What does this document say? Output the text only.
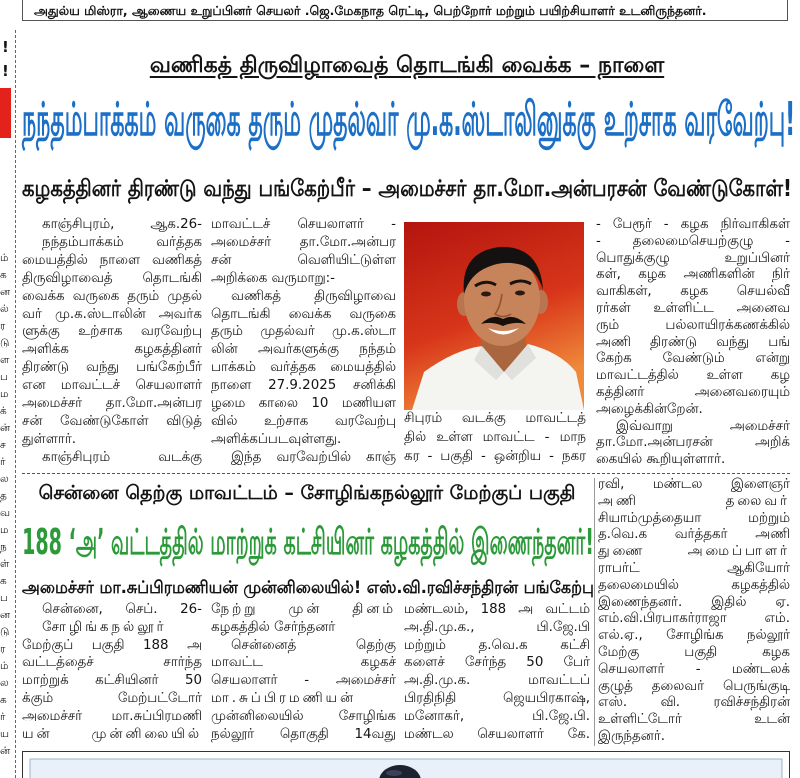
அதுல்ய மிஸ்ரா, ஆணைய உறுப்பினர் செயலர் .ஜெ.மேகநாத ரெட்டி, பெற்றோர் மற்றும் பயிற்சியாளர் உடனிருந்தனர்.
!
!
ம்
க
ன
ல்
ர
டு
ள
ப
ம
க்
ன்
ச
ர்
ல
த
வ
ம
ந
ள்
க
ப
ன
டு
ர
ம்
ல
க
ர்
ய
ன்
வணிகத் திருவிழாவைத் தொடங்கி வைக்க – நாளை
நந்தம்பாக்கம் வருகை தரும் முதல்வர் மு.க.ஸ்டாலினுக்கு உற்சாக வரவேற்பு!
கழகத்தினர் திரண்டு வந்து பங்கேற்பீர் – அமைச்சர் தா.மோ.அன்பரசன் வேண்டுகோள்!
காஞ்சிபுரம், ஆக.26-
நந்தம்பாக்கம் வர்த்தக
மையத்தில் நாளை வணிகத்
திருவிழாவைத் தொடங்கி
வைக்க வருகை தரும் முதல்
வர் மு.க.ஸ்டாலின் அவர்க
ளுக்கு உற்சாக வரவேற்பு
அளிக்க கழகத்தினர்
திரண்டு வந்து பங்கேற்பீர்
என மாவட்டச் செயலாளர்
அமைச்சர் தா.மோ.அன்பர
சன் வேண்டுகோள் விடுத்
துள்ளார்.
காஞ்சிபுரம் வடக்கு
மாவட்டச் செயலாளர் -
அமைச்சர் தா.மோ.அன்பர
சன் வெளியிட்டுள்ள
அறிக்கை வருமாறு:-
வணிகத் திருவிழாவை
தொடங்கி வைக்க வருகை
தரும் முதல்வர் மு.க.ஸ்டா
லின் அவர்களுக்கு நந்தம்
பாக்கம் வர்த்தக மையத்தில்
நாளை 27.9.2025 சனிக்கி
ழமை காலை 10 மணியள
வில் உற்சாக வரவேற்பு
அளிக்கப்படவுள்ளது.
இந்த வரவேற்பில் காஞ்
சிபுரம் வடக்கு மாவட்டத்
தில் உள்ள மாவட்ட - மாந
கர - பகுதி - ஒன்றிய - நகர
- பேரூர் - கழக நிர்வாகிகள்
- தலைமைசெயற்குழு -
பொதுக்குழு உறுப்பினர்
கள், கழக அணிகளின் நிர்
வாகிகள், கழக செயல்வீ
ரர்கள் உள்ளிட்ட அனைவ
ரும் பல்லாயிரக்கணக்கில்
அணி திரண்டு வந்து பங்
கேற்க வேண்டும் என்று
மாவட்டத்தில் உள்ள கழ
கத்தினர் அனைவரையும்
அழைக்கின்றேன்.
இவ்வாறு அமைச்சர்
தா.மோ.அன்பரசன் அறிக்
கையில் கூறியுள்ளார்.
சென்னை தெற்கு மாவட்டம் – சோழிங்கநல்லூர் மேற்குப் பகுதி
188 ‘அ’ வட்டத்தில் மாற்றுக் கட்சியினர் கழகத்தில் இணைந்தனர்!
அமைச்சர் மா.சுப்பிரமணியன் முன்னிலையில்! எஸ்.வி.ரவிச்சந்திரன் பங்கேற்பு
சென்னை, செப். 26-
சோழிங்கநல்லூர்
மேற்குப் பகுதி 188 அ
வட்டத்தைச் சார்ந்த
மாற்றுக் கட்சியினர் 50
க்கும் மேற்பட்டோர்
அமைச்சர் மா.சுப்பிரமணி
யன் முன்னிலையில்
நேற்று முன் தினம்
கழகத்தில் சேர்ந்தனர்
சென்னைத் தெற்கு
மாவட்ட கழகச்
செயலாளர் - அமைச்சர்
மா.சுப்பிரமணியன்
முன்னிலையில் சோழிங்க
நல்லூர் தொகுதி 14வது
மண்டலம், 188 அ வட்டம்
அ.தி.மு.க., பி.ஜே.பி
மற்றும் த.வெ.க கட்சி
களைச் சேர்ந்த 50 பேர்
அ.தி.மு.க. மாவட்டப்
பிரதிநிதி ஜெயபிரகாஷ்,
மனோகர், பி.ஜே.பி.
மண்டல செயலாளர் கே.
ரவி, மண்டல இளைஞர்
அணி தலைவர்
சியாம்முத்தையா மற்றும்
த.வெ.க வர்த்தகர் அணி
துணை அமைப்பாளர்
ராபர்ட் ஆகியோர்
தலைமையில் கழகத்தில்
இணைந்தனர். இதில் ஏ.
எம்.வி.பிரபாகர்ராஜா எம்.
எல்.ஏ., சோழிங்க நல்லூர்
மேற்கு பகுதி கழக
செயலாளர் - மண்டலக்
குழுத் தலைவர் பெருங்குடி
எஸ். வி. ரவிச்சந்திரன்
உள்ளிட்டோர் உடன்
இருந்தனர்.
